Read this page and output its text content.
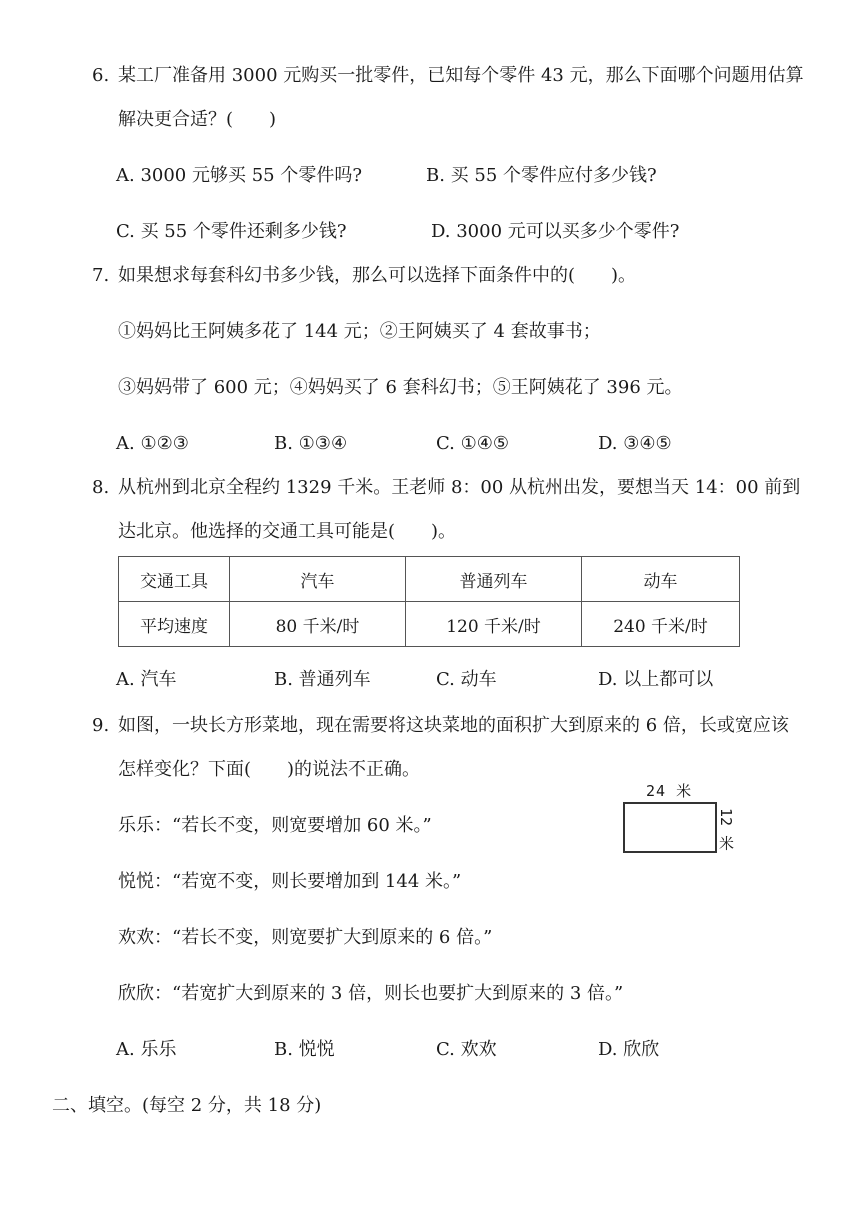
6. 某工厂准备用 3000 元购买一批零件，已知每个零件 43 元，那么下面哪个问题用估算
解决更合适？(　　)
A. 3000 元够买 55 个零件吗?	B. 买 55 个零件应付多少钱?
C. 买 55 个零件还剩多少钱?	D. 3000 元可以买多少个零件?
7. 如果想求每套科幻书多少钱，那么可以选择下面条件中的(　　)。
①妈妈比王阿姨多花了 144 元；②王阿姨买了 4 套故事书；
③妈妈带了 600 元；④妈妈买了 6 套科幻书；⑤王阿姨花了 396 元。
A. ①②③	B. ①③④	C. ①④⑤	D. ③④⑤
8. 从杭州到北京全程约 1329 千米。王老师 8：00 从杭州出发，要想当天 14：00 前到
达北京。他选择的交通工具可能是(　　)。
交通工具	汽车	普通列车	动车
平均速度	80 千米/时	120 千米/时	240 千米/时
A. 汽车	B. 普通列车	C. 动车	D. 以上都可以
9. 如图，一块长方形菜地，现在需要将这块菜地的面积扩大到原来的 6 倍，长或宽应该
怎样变化？下面(　　)的说法不正确。
24 米
12 米
乐乐：“若长不变，则宽要增加 60 米。”
悦悦：“若宽不变，则长要增加到 144 米。”
欢欢：“若长不变，则宽要扩大到原来的 6 倍。”
欣欣：“若宽扩大到原来的 3 倍，则长也要扩大到原来的 3 倍。”
A. 乐乐	B. 悦悦	C. 欢欢	D. 欣欣
二、填空。(每空 2 分，共 18 分)
